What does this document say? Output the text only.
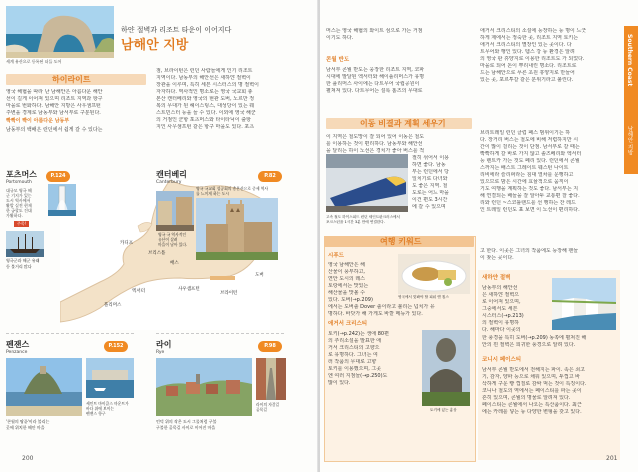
세계 유산으로 등록된 더들 도어
하얀 절벽과 리조트 타운이 이어지다
남해안 지방
하이라이트
영국 해협을 따라 난 남해안은 아름다운 해안
선이 길게 이어져 있으며 리조트 지역과 항구
마을로 번화하다. 남해안 지방은 사우샘프턴
주변을 경계로 남동부와 남서부로 구분된다.
빡빡이 빡이 아름다운 남동부
남동부의 백배은 런던에서 쉽게 갈 수 있다는
점, 브라이턴은 런던 사람들에게 인기 리조트
지역이다. 남동부의 해안선은 새하얀 절벽이
장관을 이루며, 특히 세븐 시스터스의 명 절벽이
자자하다. 역사적인 명소로는 영국 국교회 총
본산 캔터베리와 영국의 현관 도버, 노르만 정
복의 무대가 된 헤이스팅스, 대성당이 있는 웨
스트민스터 등을 들 수 있다. 이외에 영국 해군
의 거점인 군항 포츠머스와 타이타닉이 출항
지인 사우샘프턴 같은 항구 마을도 있다. 포츠
카디프
브리스틀
배스
사우샘프턴
브라이턴
도버
엑서터
플리머스
포츠머스
Portsmouth
P.124
대규모 영국 해
군 기지가 있는
도시 역사에서
활발 실전 현재
한 궁할도 건대
가활하다.
주목!
영국군과 해군 유래
등 볼거리 많다
캔터베리
Canterbury
P.82
영국 국교회 성공회의 총본산으로 중세 역사
를 느끼게 하는 도시
영국 국 역사적인
유산이 살려
마을이 남아 있다.
펜잰스
Penzance
P.152
'콘월의 땅끝'이라 불리는
곳에 위치한 해안 마을
세인트 마이클스 마운트가
바다 위에 보이는
펜잰스 항구
라이
Rye
P.98
언덕 위의 작은 도시 그물처럼 구불
구불한 골목길 사이로 이어진 마을
라이의 자갈길
골목길
200
머스는 영국 해협의 와이트 섬으로 가는 거점
이기도 하다.
콘월 반도
남서부 콘월 반도는 웅장한 리조트 지역, 코파
시대에 발달된 엑서터와 해이플리머스가 유명
한 플리머스 사이에는 다트무어 국립공원이
펼쳐져 있다. 다트무어는 설록 홈즈의 무대로
이동 비결과 계획 세우기
이 지역은 철도망이 잘 되어 있어 이동은 철도
를 이용하는 것이 편리하다. 남동부와 해안선
을 달리는 하이 노선은 경치가 좋아 버스를 적
절히 섞어서 이용
하면 좋다. 남동
부는 런던에서 당
일치기로 다녀와
도 좋은 지역. 철
도로는 어느 마을
이건 편도 3시간
에 갈 수 있으며
고속 철도 하이스피드 런던 세인트판크러스에서
포크스턴을 1시간 3분 만에 연결한다.
여행 키워드
시푸드
영국 남해안은 해
산물이 풍부하고,
연안 도시의 레스
토랑에서는 맛있는
해산물을 맛볼 수
있다. 도버(→p.209)
에서는 도버솔 Dover 솔이라고 불리는 넙치가 유
명하다. 바닷가 해 가게도 바깥 메뉴가 있다.
영국에서 맛봐야 할 피쉬 앤 칩스
애거서 크리스티
토키(→p.242)는 생애 80편
의 추리소설을 발표한 애
거서 크리스티의 고향으
로 유명하다. 그녀는 여
러 작품의 무대로 고향
토키를 이용했으며, 그곳
엔 여러 지점들(→p.250)도
많이 있다.
토키에 있는 흉상
애거서 크리스티의 소설에 등장하는 등 명이 느긋
하게 제에서는 정숙한 곳, 리조트 지역 토키는
애거서 크리스티의 별장인 있는 곳이다. 다
트무어와 행인 있다. 템스 강 등 환경은 알려
의 영국 판 휴양지로 이용한 리조트도 가 되었다.
마을로 되어 돈이 뿌리내린 명소다. 리조트로
드는 남해안으로 푸른 초원 휴양지로 만들어
있는 곳, 포르투갈 같은 분위기라고 불린다.
브리트레일 런던 클럽 패스 범위이기는 하
다. 장거리 버스는 철도에 비해 저렴하지만 시
간이 많이 걸리는 것이 단점. 남서부로 갈 때는
빡빡하게 갈 바로 가지 않고 솔즈베리와 엑서터
등 렌트카 가는 것도 페리 있다. 런던에서 콘월
스까지는 배스트 그레이트 웨스턴 나이트
리비에라 슬리퍼라는 침대 열차를 운행하고
있으므로 밤은 시간에 효율적으로 움직이
기도 여행을 계획하는 것도 좋다. 남서부는 지
해 연결되는 배들을 잘 알아두 교통편 잘 좋다.
리와 런던 ~스코틀랜드를 선 행하는 잔 레드
인 트레일 런던도 표 보면 이 노선이 편리하다.
고 한다. 이곳은 그녀의 작품에도 등장해 팬들
이 찾는 곳이다.
새하얀 절벽
남동부의 해안선
은 새하얀 절벽으
로 이어져 있으며,
그중에서도 세븐
시스터스(→p.213)
의 절벽이 유명하
다. 해마다 이곳의
한 풍경을 특히 도버(→p.209) 동쪽에 펼쳐진 해
안의 흰 절벽은 희귀한 풍경으로 알려 있다.
코니시 페이스티
남서부 콘월 반도에서 전해지는 파이. 속은 쇠고
기, 감자, 양파 등으로 채워 있으며, 두껍고 바
삭하게 구운 빵 껍질로 감싸 먹는 것이 특징이다.
코니나 철도의 역에서는 페이스티를 파는 곳이
흔히 있으며, 콘월의 명물로 알려져 있다.
페이스티는 콘월에서 나오는 특산품이다. 최근
에는 카레를 넣는 등 다양한 변형을 갖고 있다.
Southern Coast
남해안 지방
201
